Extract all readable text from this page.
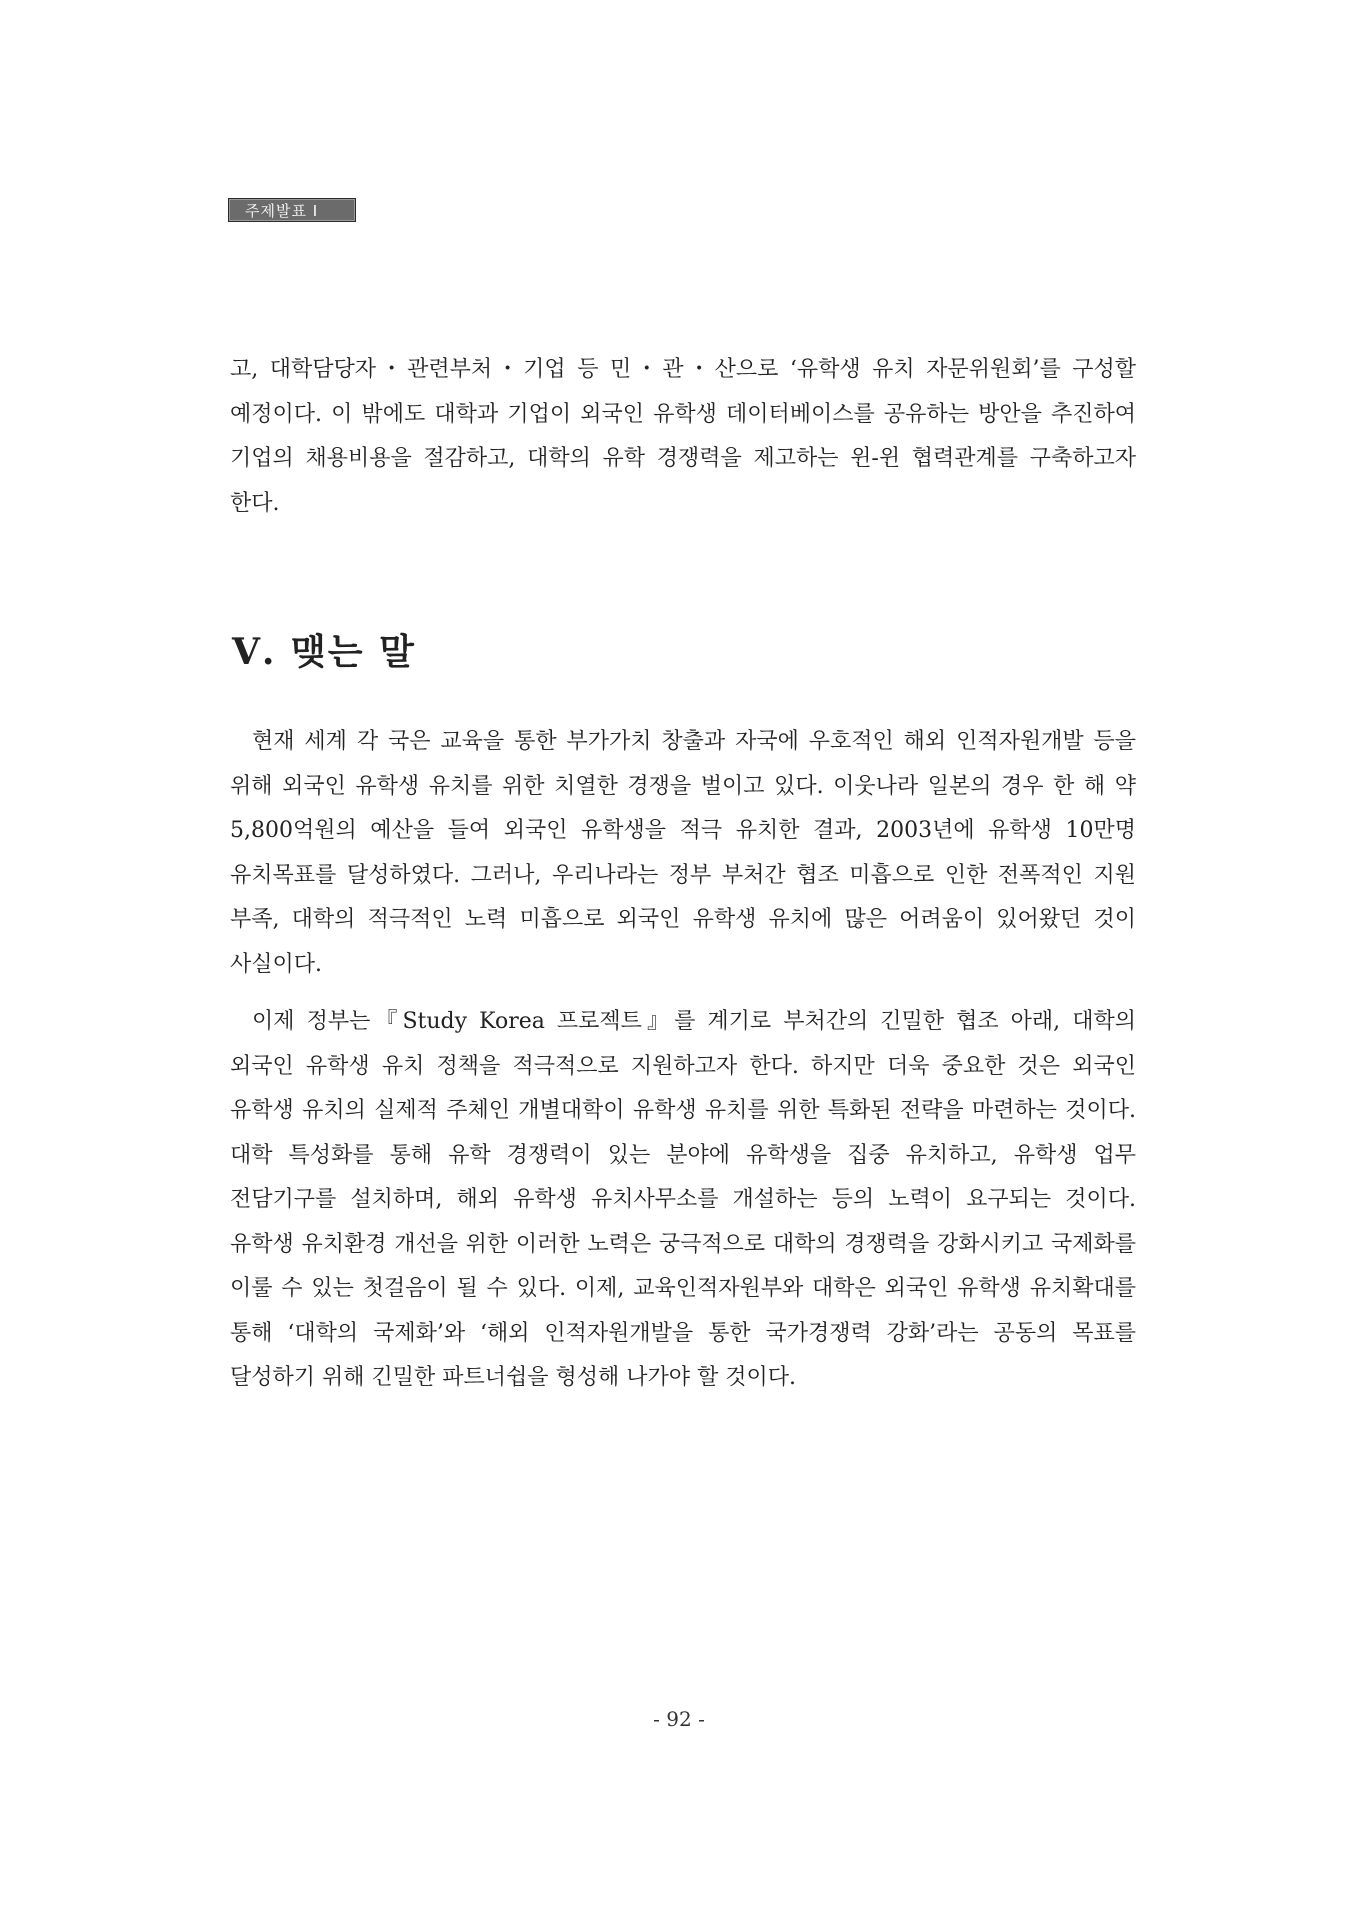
주제발표 I

고, 대학담당자・관련부처・기업 등 민・관・산으로 ‘유학생 유치 자문위원회’를 구성할 예정이다. 이 밖에도 대학과 기업이 외국인 유학생 데이터베이스를 공유하는 방안을 추진하여 기업의 채용비용을 절감하고, 대학의 유학 경쟁력을 제고하는 윈-윈 협력관계를 구축하고자 한다.

Ⅴ. 맺는 말

현재 세계 각 국은 교육을 통한 부가가치 창출과 자국에 우호적인 해외 인적자원개발 등을 위해 외국인 유학생 유치를 위한 치열한 경쟁을 벌이고 있다. 이웃나라 일본의 경우 한 해 약 5,800억원의 예산을 들여 외국인 유학생을 적극 유치한 결과, 2003년에 유학생 10만명 유치목표를 달성하였다. 그러나, 우리나라는 정부 부처간 협조 미흡으로 인한 전폭적인 지원 부족, 대학의 적극적인 노력 미흡으로 외국인 유학생 유치에 많은 어려움이 있어왔던 것이 사실이다.

이제 정부는『Study Korea 프로젝트』를 계기로 부처간의 긴밀한 협조 아래, 대학의 외국인 유학생 유치 정책을 적극적으로 지원하고자 한다. 하지만 더욱 중요한 것은 외국인 유학생 유치의 실제적 주체인 개별대학이 유학생 유치를 위한 특화된 전략을 마련하는 것이다. 대학 특성화를 통해 유학 경쟁력이 있는 분야에 유학생을 집중 유치하고, 유학생 업무 전담기구를 설치하며, 해외 유학생 유치사무소를 개설하는 등의 노력이 요구되는 것이다. 유학생 유치환경 개선을 위한 이러한 노력은 궁극적으로 대학의 경쟁력을 강화시키고 국제화를 이룰 수 있는 첫걸음이 될 수 있다. 이제, 교육인적자원부와 대학은 외국인 유학생 유치확대를 통해 ‘대학의 국제화’와 ‘해외 인적자원개발을 통한 국가경쟁력 강화’라는 공동의 목표를 달성하기 위해 긴밀한 파트너쉽을 형성해 나가야 할 것이다.

- 92 -
